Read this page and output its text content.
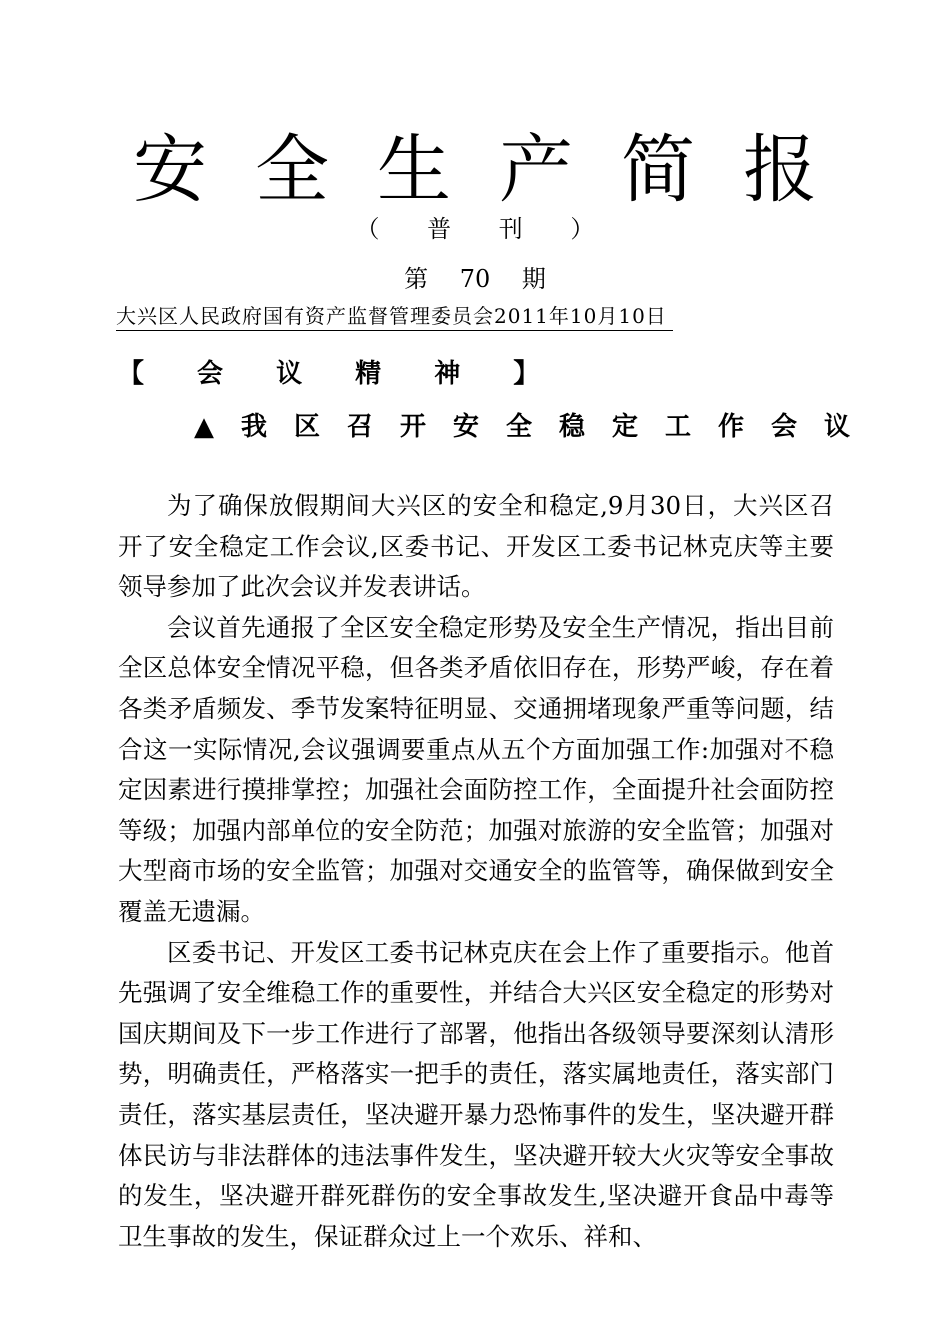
安全生产简报
（ 普 刊 ）
第 70 期
大兴区人民政府国有资产监督管理委员会2011年10月10日
【 会 议 精 神 】
▲我区召开安全稳定工作会议

为了确保放假期间大兴区的安全和稳定,9月30日，大兴区召开了安全稳定工作会议,区委书记、开发区工委书记林克庆等主要领导参加了此次会议并发表讲话。

会议首先通报了全区安全稳定形势及安全生产情况，指出目前全区总体安全情况平稳，但各类矛盾依旧存在，形势严峻，存在着各类矛盾频发、季节发案特征明显、交通拥堵现象严重等问题，结合这一实际情况,会议强调要重点从五个方面加强工作:加强对不稳定因素进行摸排掌控；加强社会面防控工作，全面提升社会面防控等级；加强内部单位的安全防范；加强对旅游的安全监管；加强对大型商市场的安全监管；加强对交通安全的监管等，确保做到安全覆盖无遗漏。

区委书记、开发区工委书记林克庆在会上作了重要指示。他首先强调了安全维稳工作的重要性，并结合大兴区安全稳定的形势对国庆期间及下一步工作进行了部署，他指出各级领导要深刻认清形势，明确责任，严格落实一把手的责任，落实属地责任，落实部门责任，落实基层责任，坚决避开暴力恐怖事件的发生，坚决避开群体民访与非法群体的违法事件发生，坚决避开较大火灾等安全事故的发生，坚决避开群死群伤的安全事故发生,坚决避开食品中毒等卫生事故的发生，保证群众过上一个欢乐、祥和、
